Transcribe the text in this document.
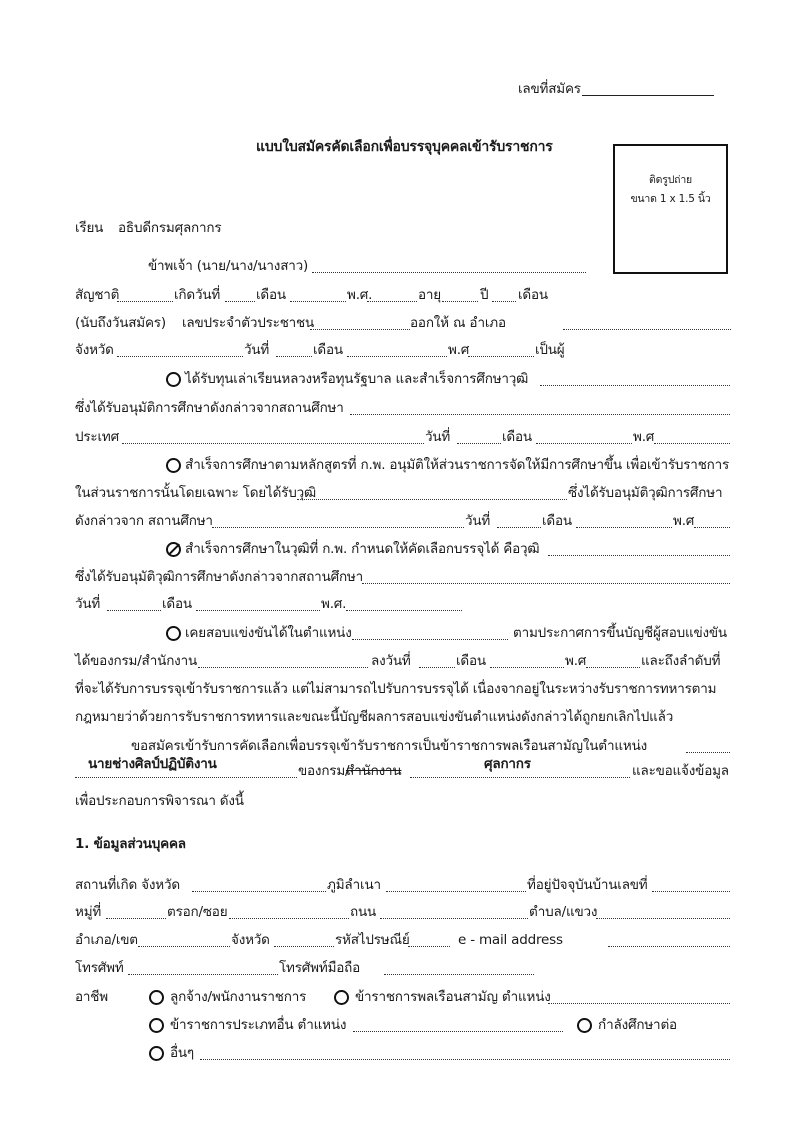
เลขที่สมัคร
แบบใบสมัครคัดเลือกเพื่อบรรจุบุคคลเข้ารับราชการ
ติดรูปถ่าย
ขนาด 1 x 1.5 นิ้ว
เรียน อธิบดีกรมศุลกากร
ข้าพเจ้า (นาย/นาง/นางสาว)
สัญชาติ	เกิดวันที่	เดือน	พ.ศ.	อายุ	ปี เดือน
(นับถึงวันสมัคร) เลขประจำตัวประชาชน	ออกให้ ณ อำเภอ
จังหวัด	วันที่	เดือน	พ.ศ	เป็นผู้
ได้รับทุนเล่าเรียนหลวงหรือทุนรัฐบาล และสำเร็จการศึกษาวุฒิ
ซึ่งได้รับอนุมัติการศึกษาดังกล่าวจากสถานศึกษา
ประเทศ	วันที่	เดือน	พ.ศ
สำเร็จการศึกษาตามหลักสูตรที่ ก.พ. อนุมัติให้ส่วนราชการจัดให้มีการศึกษาขึ้น เพื่อเข้ารับราชการ
ในส่วนราชการนั้นโดยเฉพาะ โดยได้รับวุฒิ	ซึ่งได้รับอนุมัติวุฒิการศึกษา
ดังกล่าวจาก สถานศึกษา	วันที่	เดือน	พ.ศ
สำเร็จการศึกษาในวุฒิที่ ก.พ. กำหนดให้คัดเลือกบรรจุได้ คือวุฒิ
ซึ่งได้รับอนุมัติวุฒิการศึกษาดังกล่าวจากสถานศึกษา
วันที่	เดือน	พ.ศ.
เคยสอบแข่งขันได้ในตำแหน่ง	ตามประกาศการขึ้นบัญชีผู้สอบแข่งขัน
ได้ของกรม/สำนักงาน	ลงวันที่	เดือน	พ.ศ	และถึงลำดับที่
ที่จะได้รับการบรรจุเข้ารับราชการแล้ว แต่ไม่สามารถไปรับการบรรจุได้ เนื่องจากอยู่ในระหว่างรับราชการทหารตาม
กฎหมายว่าด้วยการรับราชการทหารและขณะนี้บัญชีผลการสอบแข่งขันตำแหน่งดังกล่าวได้ถูกยกเลิกไปแล้ว
ขอสมัครเข้ารับการคัดเลือกเพื่อบรรจุเข้ารับราชการเป็นข้าราชการพลเรือนสามัญในตำแหน่ง
นายช่างศิลป์ปฏิบัติงาน	ของกรม/
สำนักงาน	ศุลกากร	และขอแจ้งข้อมูล
เพื่อประกอบการพิจารณา ดังนี้
1. ข้อมูลส่วนบุคคล
สถานที่เกิด จังหวัด	ภูมิลำเนา	ที่อยู่ปัจจุบันบ้านเลขที่
หมู่ที่	ตรอก/ซอย	ถนน	ตำบล/แขวง
อำเภอ/เขต	จังหวัด	รหัสไปรษณีย์	e - mail address
โทรศัพท์	โทรศัพท์มือถือ
อาชีพ	ลูกจ้าง/พนักงานราชการ	ข้าราชการพลเรือนสามัญ ตำแหน่ง
ข้าราชการประเภทอื่น ตำแหน่ง	กำลังศึกษาต่อ
อื่นๆ
